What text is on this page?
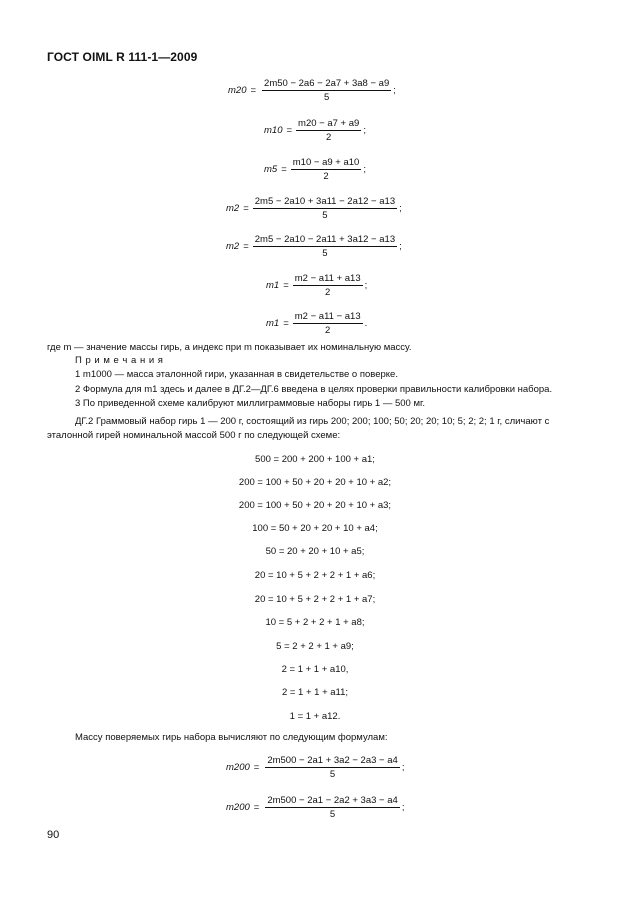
ГОСТ OIML R 111-1—2009
$m20 = \frac{2m50 - 2a6 - 2a7 + 3a8 - a9}{5}$ ;
$m10 = \frac{m20 - a7 + a9}{2}$ ;
$m5 = \frac{m10 - a9 + a10}{2}$ ;
$m2 = \frac{2m5 - 2a10 + 3a11 - 2a12 - a13}{5}$ ;
$m2 = \frac{2m5 - 2a10 - 2a11 + 3a12 - a13}{5}$ ;
$m1 = \frac{m2 - a11 + a13}{2}$ ;
$m1 = \frac{m2 - a11 - a13}{2}$ .
где m — значение массы гирь, а индекс при m показывает их номинальную массу.
П р и м е ч а н и я
1 m1000 — масса эталонной гири, указанная в свидетельстве о поверке.
2 Формула для m1 здесь и далее в ДГ.2—ДГ.6 введена в целях проверки правильности калибровки набора.
3 По приведенной схеме калибруют миллиграммовые наборы гирь 1 — 500 мг.
ДГ.2 Граммовый набор гирь 1 — 200 г, состоящий из гирь 200; 200; 100; 50; 20; 20; 10; 5; 2; 2; 1 г, сличают с
эталонной гирей номинальной массой 500 г по следующей схеме:
500 = 200 + 200 + 100 + a1;
200 = 100 + 50 + 20 + 20 + 10 + a2;
200 = 100 + 50 + 20 + 20 + 10 + a3;
100 = 50 + 20 + 20 + 10 + a4;
50 = 20 + 20 + 10 + a5;
20 = 10 + 5 + 2 + 2 + 1 + a6;
20 = 10 + 5 + 2 + 2 + 1 + a7;
10 = 5 + 2 + 2 + 1 + a8;
5 = 2 + 2 + 1 + a9;
2 = 1 + 1 + a10,
2 = 1 + 1 + a11;
1 = 1 + a12.
Массу поверяемых гирь набора вычисляют по следующим формулам:
$m200 = \frac{2m500 - 2a1 + 3a2 - 2a3 - a4}{5}$ ;
$m200 = \frac{2m500 - 2a1 - 2a2 + 3a3 - a4}{5}$ ;
90
